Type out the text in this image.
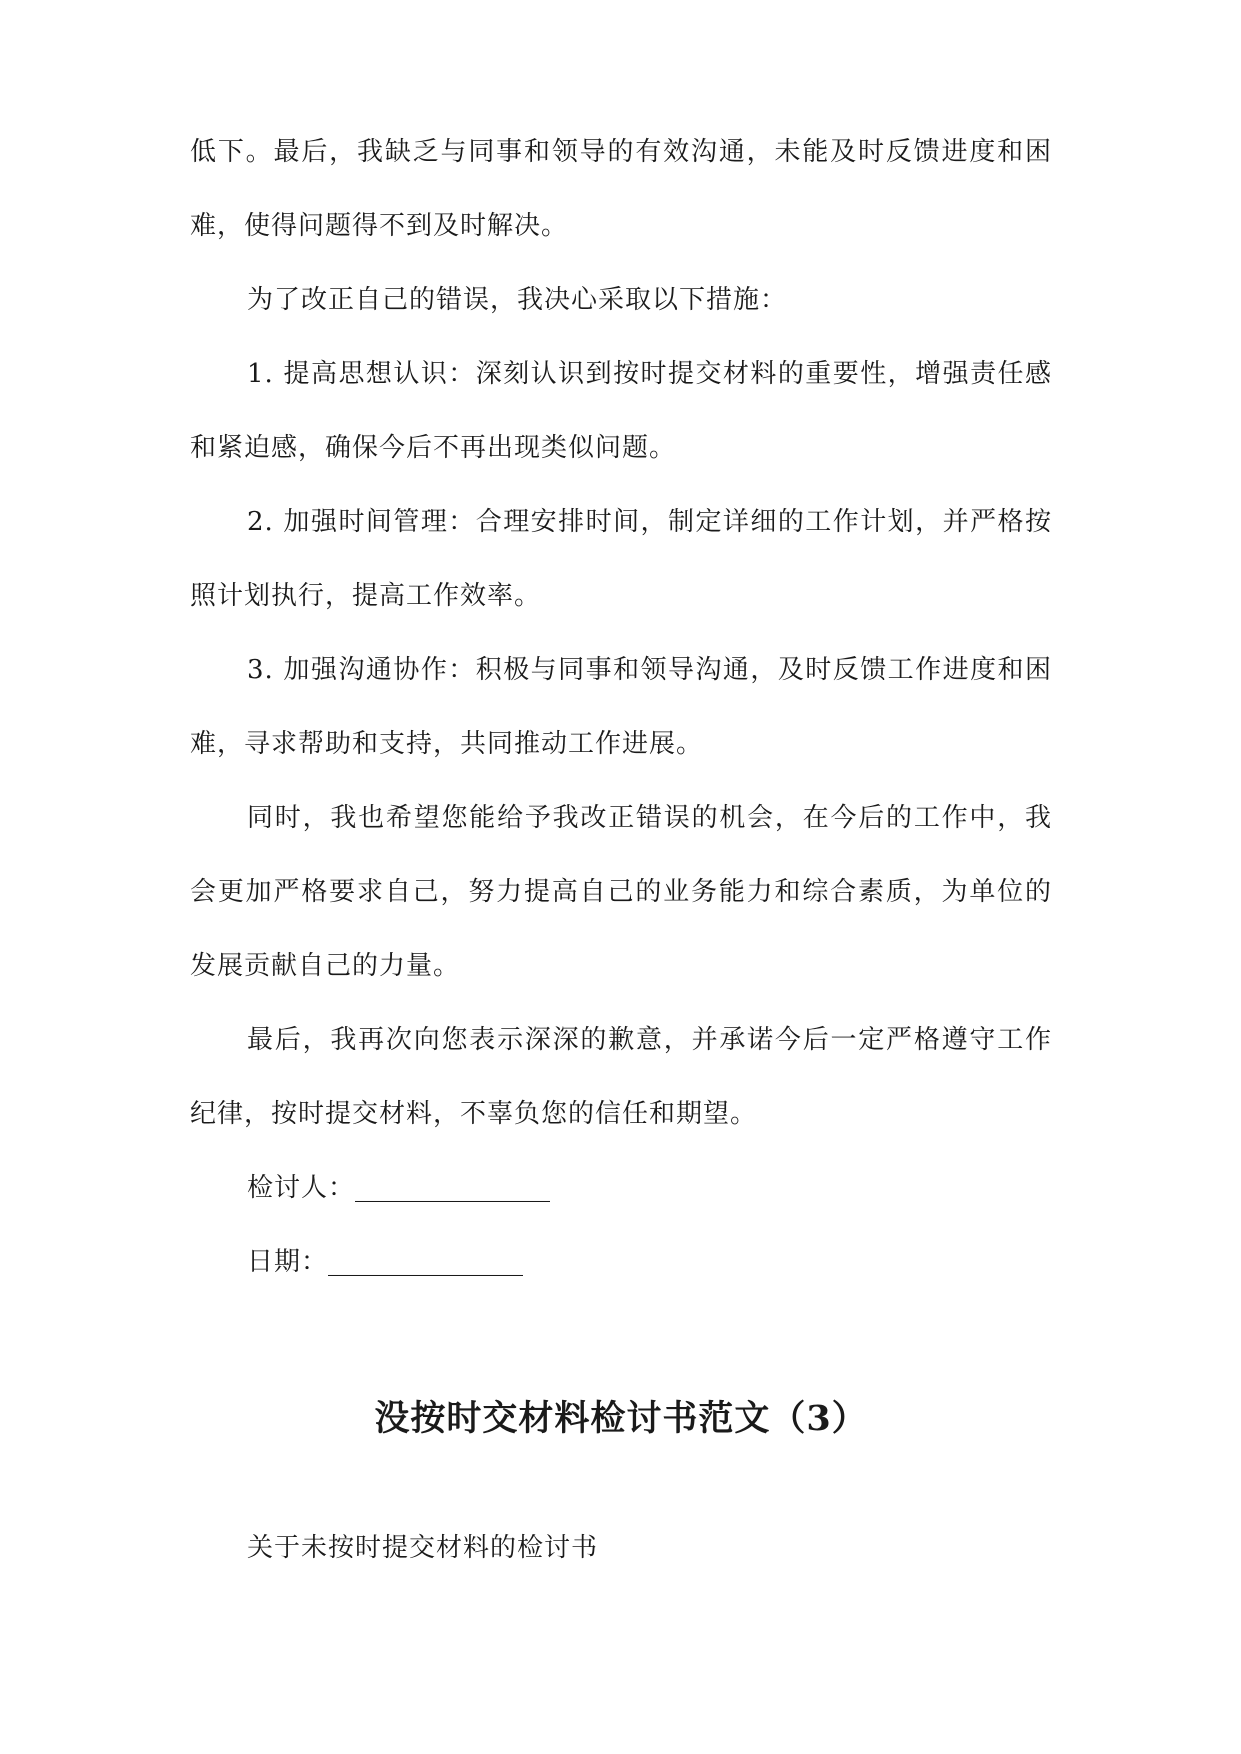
低下。最后，我缺乏与同事和领导的有效沟通，未能及时反馈进度和困难，使得问题得不到及时解决。

为了改正自己的错误，我决心采取以下措施：

1. 提高思想认识：深刻认识到按时提交材料的重要性，增强责任感和紧迫感，确保今后不再出现类似问题。

2. 加强时间管理：合理安排时间，制定详细的工作计划，并严格按照计划执行，提高工作效率。

3. 加强沟通协作：积极与同事和领导沟通，及时反馈工作进度和困难，寻求帮助和支持，共同推动工作进展。

同时，我也希望您能给予我改正错误的机会，在今后的工作中，我会更加严格要求自己，努力提高自己的业务能力和综合素质，为单位的发展贡献自己的力量。

最后，我再次向您表示深深的歉意，并承诺今后一定严格遵守工作纪律，按时提交材料，不辜负您的信任和期望。

检讨人：_______________

日期：_______________

没按时交材料检讨书范文（3）

关于未按时提交材料的检讨书
